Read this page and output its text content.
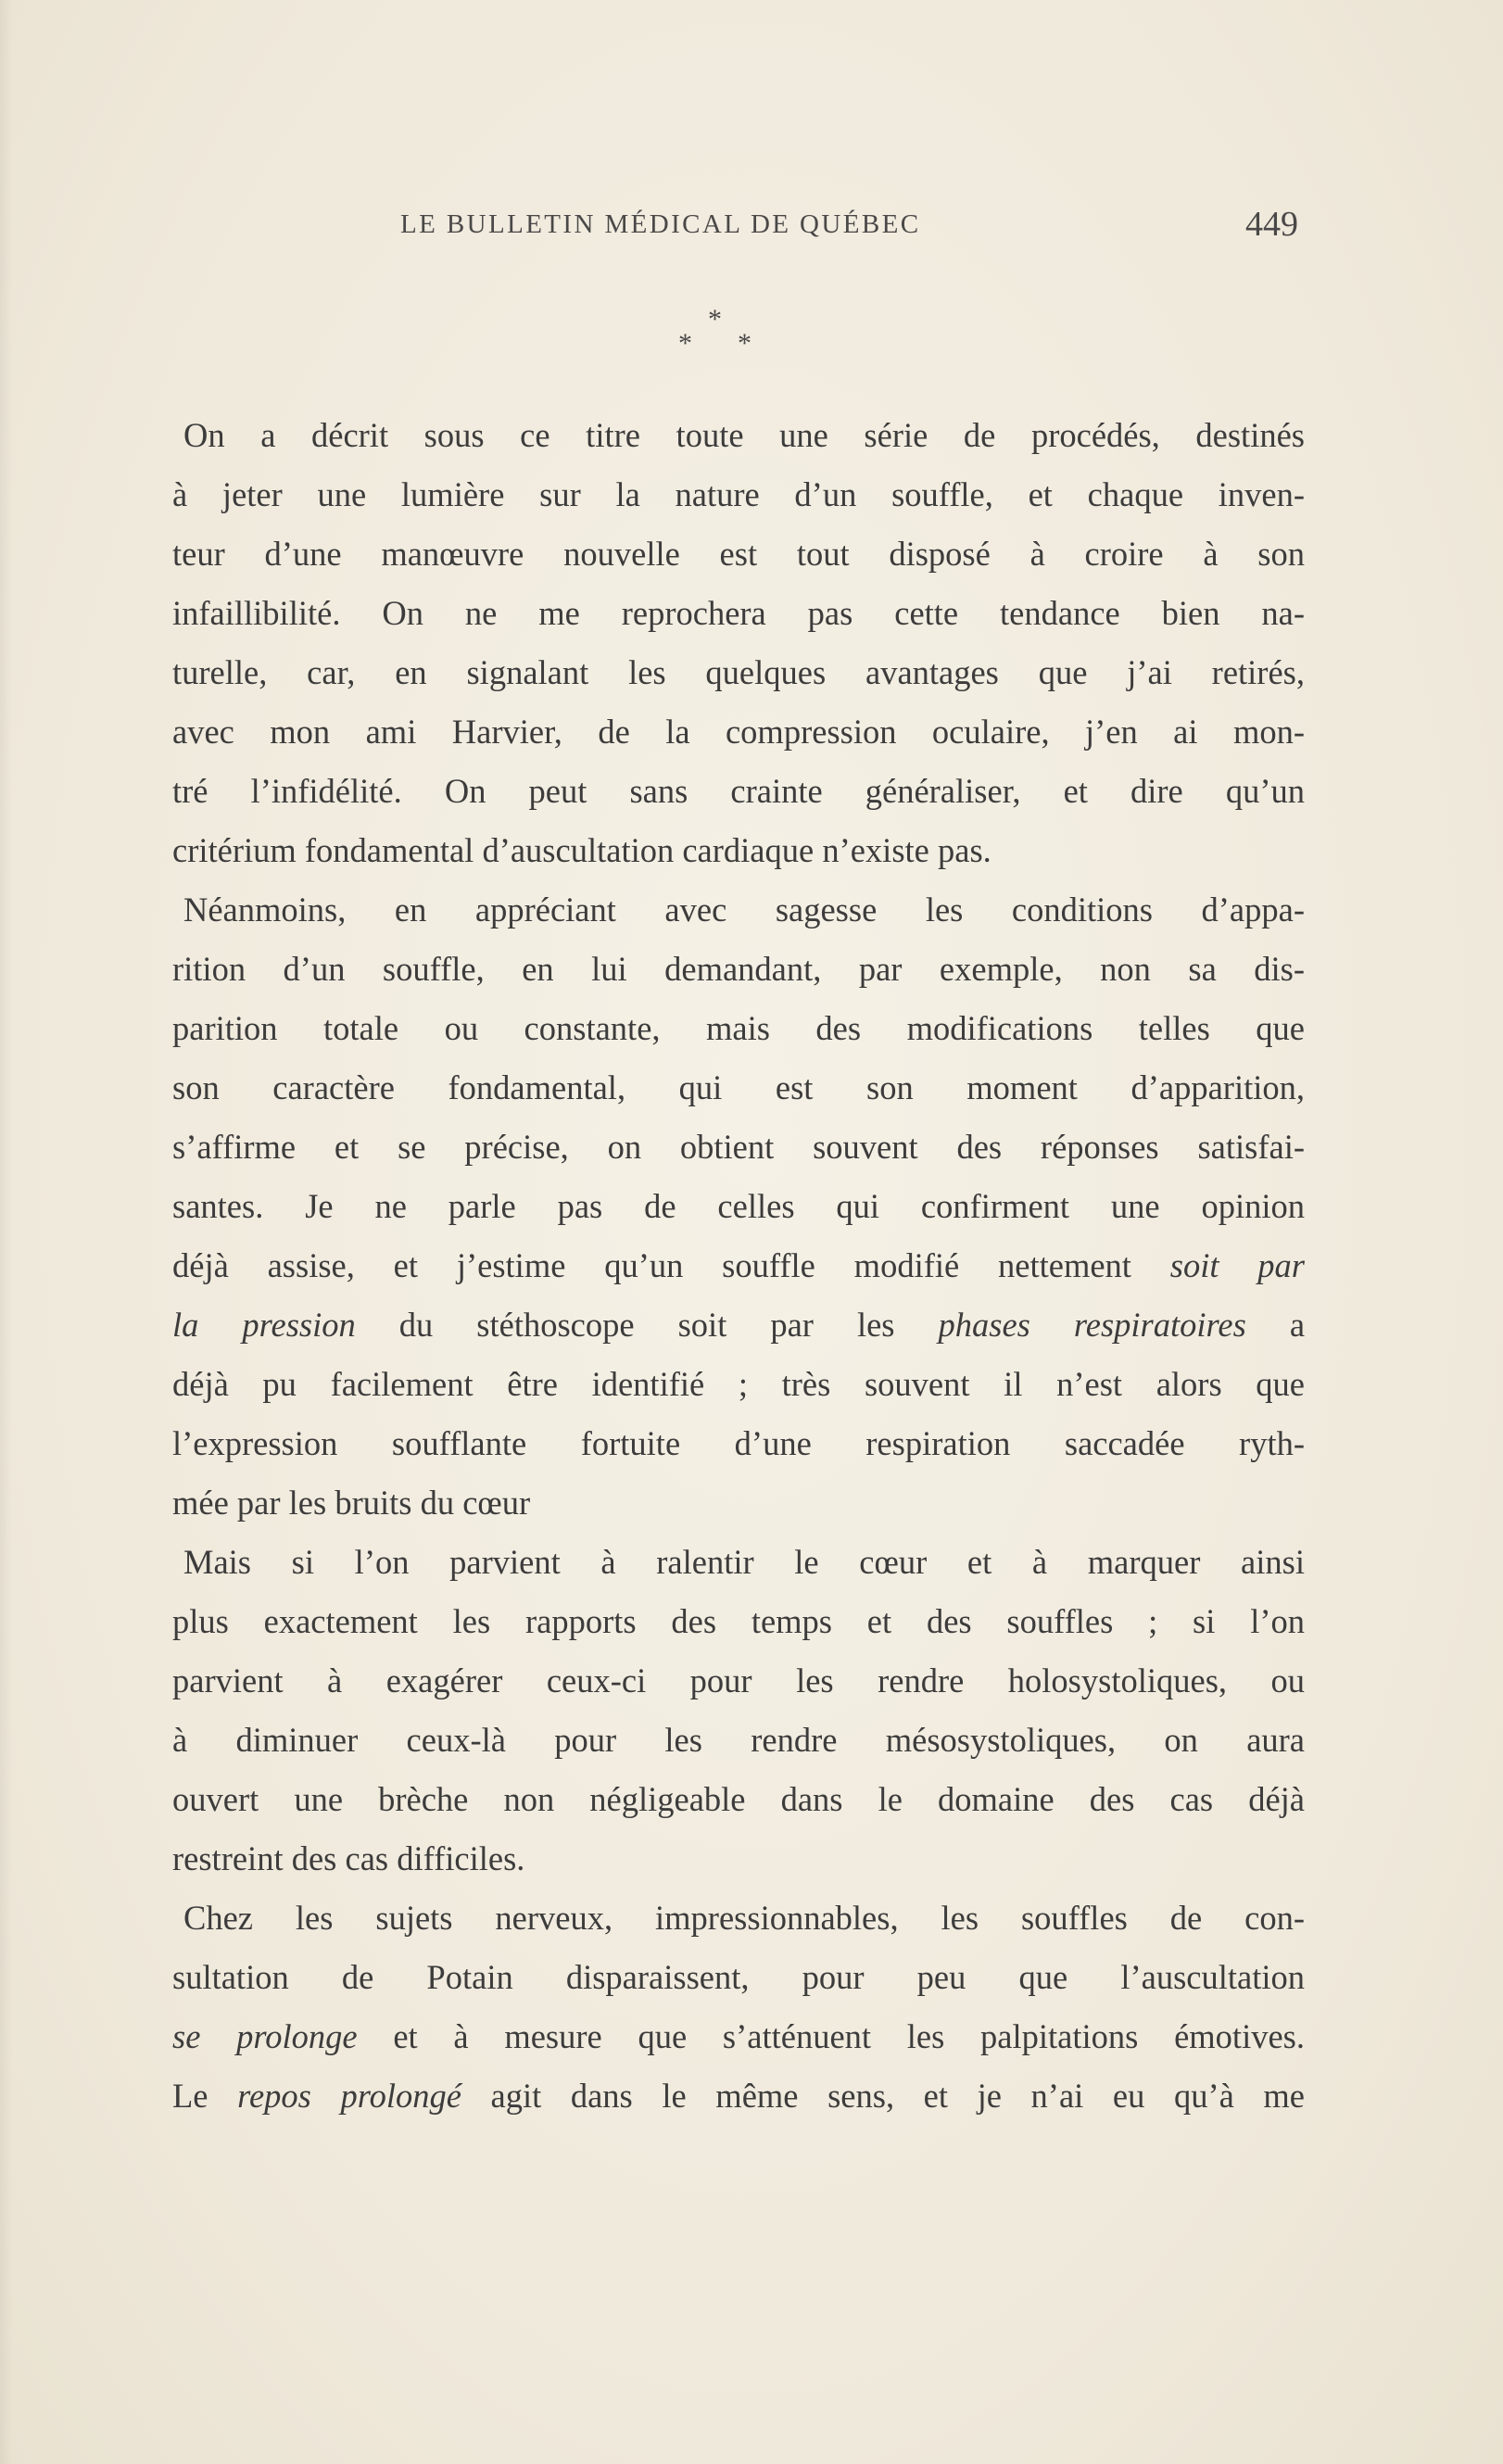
LE BULLETIN MÉDICAL DE QUÉBEC	449
*
* *
On a décrit sous ce titre toute une série de procédés, destinés
à jeter une lumière sur la nature d’un souffle, et chaque inven-
teur d’une manœuvre nouvelle est tout disposé à croire à son
infaillibilité. On ne me reprochera pas cette tendance bien na-
turelle, car, en signalant les quelques avantages que j’ai retirés,
avec mon ami Harvier, de la compression oculaire, j’en ai mon-
tré l’infidélité. On peut sans crainte généraliser, et dire qu’un
critérium fondamental d’auscultation cardiaque n’existe pas.
Néanmoins, en appréciant avec sagesse les conditions d’appa-
rition d’un souffle, en lui demandant, par exemple, non sa dis-
parition totale ou constante, mais des modifications telles que
son caractère fondamental, qui est son moment d’apparition,
s’affirme et se précise, on obtient souvent des réponses satisfai-
santes. Je ne parle pas de celles qui confirment une opinion
déjà assise, et j’estime qu’un souffle modifié nettement soit par
la pression du stéthoscope soit par les phases respiratoires a
déjà pu facilement être identifié ; très souvent il n’est alors que
l’expression soufflante fortuite d’une respiration saccadée ryth-
mée par les bruits du cœur
Mais si l’on parvient à ralentir le cœur et à marquer ainsi
plus exactement les rapports des temps et des souffles ; si l’on
parvient à exagérer ceux-ci pour les rendre holosystoliques, ou
à diminuer ceux-là pour les rendre mésosystoliques, on aura
ouvert une brèche non négligeable dans le domaine des cas déjà
restreint des cas difficiles.
Chez les sujets nerveux, impressionnables, les souffles de con-
sultation de Potain disparaissent, pour peu que l’auscultation
se prolonge et à mesure que s’atténuent les palpitations émotives.
Le repos prolongé agit dans le même sens, et je n’ai eu qu’à me
